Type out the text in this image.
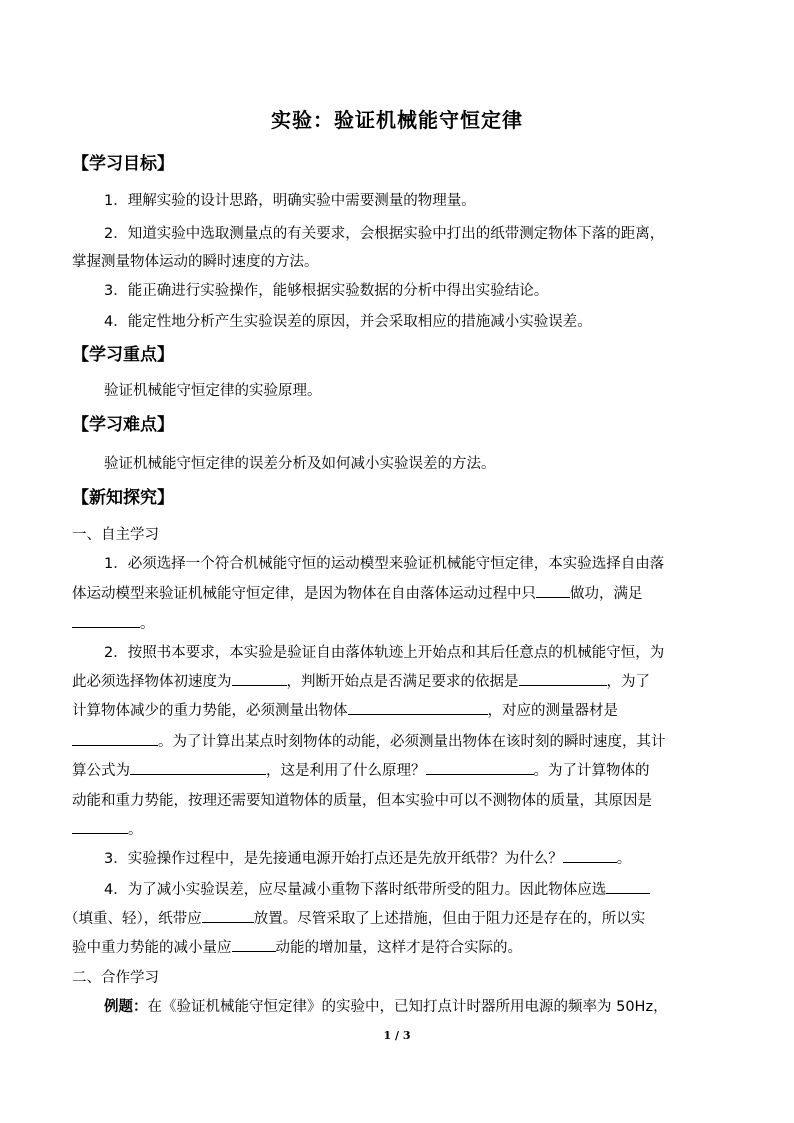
实验：验证机械能守恒定律
【学习目标】
1．理解实验的设计思路，明确实验中需要测量的物理量。
2．知道实验中选取测量点的有关要求，会根据实验中打出的纸带测定物体下落的距离，
掌握测量物体运动的瞬时速度的方法。
3．能正确进行实验操作，能够根据实验数据的分析中得出实验结论。
4．能定性地分析产生实验误差的原因，并会采取相应的措施减小实验误差。
【学习重点】
验证机械能守恒定律的实验原理。
【学习难点】
验证机械能守恒定律的误差分析及如何减小实验误差的方法。
【新知探究】
一、自主学习
1．必须选择一个符合机械能守恒的运动模型来验证机械能守恒定律，本实验选择自由落
体运动模型来验证机械能守恒定律，是因为物体在自由落体运动过程中只 做功，满足
。
2．按照书本要求，本实验是验证自由落体轨迹上开始点和其后任意点的机械能守恒，为
此必须选择物体初速度为	，判断开始点是否满足要求的依据是	，为了
计算物体减少的重力势能，必须测量出物体	，对应的测量器材是
。为了计算出某点时刻物体的动能，必须测量出物体在该时刻的瞬时速度，其计
算公式为	，这是利用了什么原理？	。为了计算物体的
动能和重力势能，按理还需要知道物体的质量，但本实验中可以不测物体的质量，其原因是
。
3．实验操作过程中，是先接通电源开始打点还是先放开纸带？为什么？	。
4．为了减小实验误差，应尽量减小重物下落时纸带所受的阻力。因此物体应选
（填重、轻），纸带应	放置。尽管采取了上述措施，但由于阻力还是存在的，所以实
验中重力势能的减小量应	动能的增加量，这样才是符合实际的。
二、合作学习
例题：在《验证机械能守恒定律》的实验中，已知打点计时器所用电源的频率为 50Hz，
1 / 3
